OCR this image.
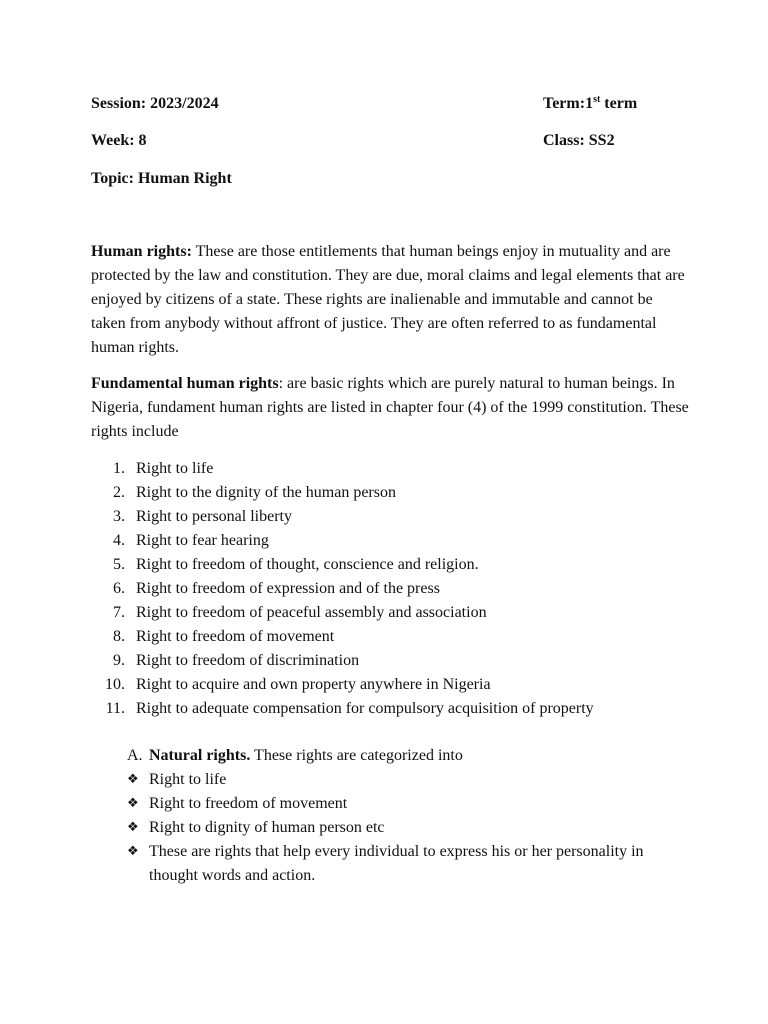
Session: 2023/2024	Term:1st term
Week: 8	Class: SS2
Topic: Human Right
Human rights: These are those entitlements that human beings enjoy in mutuality and are protected by the law and constitution. They are due, moral claims and legal elements that are enjoyed by citizens of a state. These rights are inalienable and immutable and cannot be taken from anybody without affront of justice. They are often referred to as fundamental human rights.
Fundamental human rights: are basic rights which are purely natural to human beings. In Nigeria, fundament human rights are listed in chapter four (4) of the 1999 constitution. These rights include
1. Right to life
2. Right to the dignity of the human person
3. Right to personal liberty
4. Right to fear hearing
5. Right to freedom of thought, conscience and religion.
6. Right to freedom of expression and of the press
7. Right to freedom of peaceful assembly and association
8. Right to freedom of movement
9. Right to freedom of discrimination
10. Right to acquire and own property anywhere in Nigeria
11. Right to adequate compensation for compulsory acquisition of property
A. Natural rights. These rights are categorized into
❖ Right to life
❖ Right to freedom of movement
❖ Right to dignity of human person etc
❖ These are rights that help every individual to express his or her personality in thought words and action.
